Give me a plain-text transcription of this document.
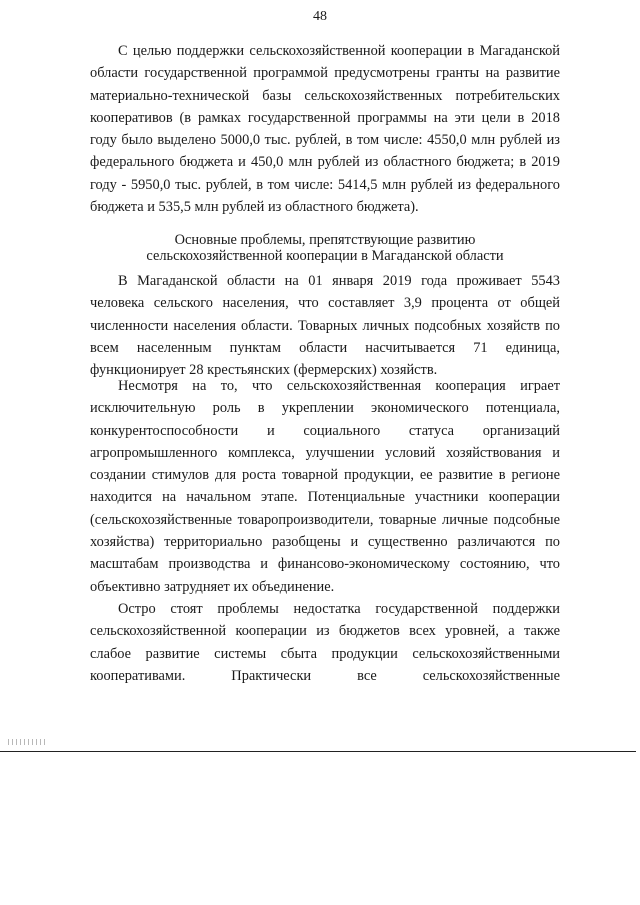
48

С целью поддержки сельскохозяйственной кооперации в Магаданской области государственной программой предусмотрены гранты на развитие материально-технической базы сельскохозяйственных потребительских кооперативов (в рамках государственной программы на эти цели в 2018 году было выделено 5000,0 тыс. рублей, в том числе: 4550,0 млн рублей из федерального бюджета и 450,0 млн рублей из областного бюджета; в 2019 году - 5950,0 тыс. рублей, в том числе: 5414,5 млн рублей из федерального бюджета и 535,5 млн рублей из областного бюджета).

Основные проблемы, препятствующие развитию
сельскохозяйственной кооперации в Магаданской области

В Магаданской области на 01 января 2019 года проживает 5543 человека сельского населения, что составляет 3,9 процента от общей численности населения области. Товарных личных подсобных хозяйств по всем населенным пунктам области насчитывается 71 единица, функционирует 28 крестьянских (фермерских) хозяйств.

Несмотря на то, что сельскохозяйственная кооперация играет исключительную роль в укреплении экономического потенциала, конкурентоспособности и социального статуса организаций агропромышленного комплекса, улучшении условий хозяйствования и создании стимулов для роста товарной продукции, ее развитие в регионе находится на начальном этапе. Потенциальные участники кооперации (сельскохозяйственные товаропроизводители, товарные личные подсобные хозяйства) территориально разобщены и существенно различаются по масштабам производства и финансово-экономическому состоянию, что объективно затрудняет их объединение.

Остро стоят проблемы недостатка государственной поддержки сельскохозяйственной кооперации из бюджетов всех уровней, а также слабое развитие системы сбыта продукции сельскохозяйственными кооперативами. Практически все сельскохозяйственные
